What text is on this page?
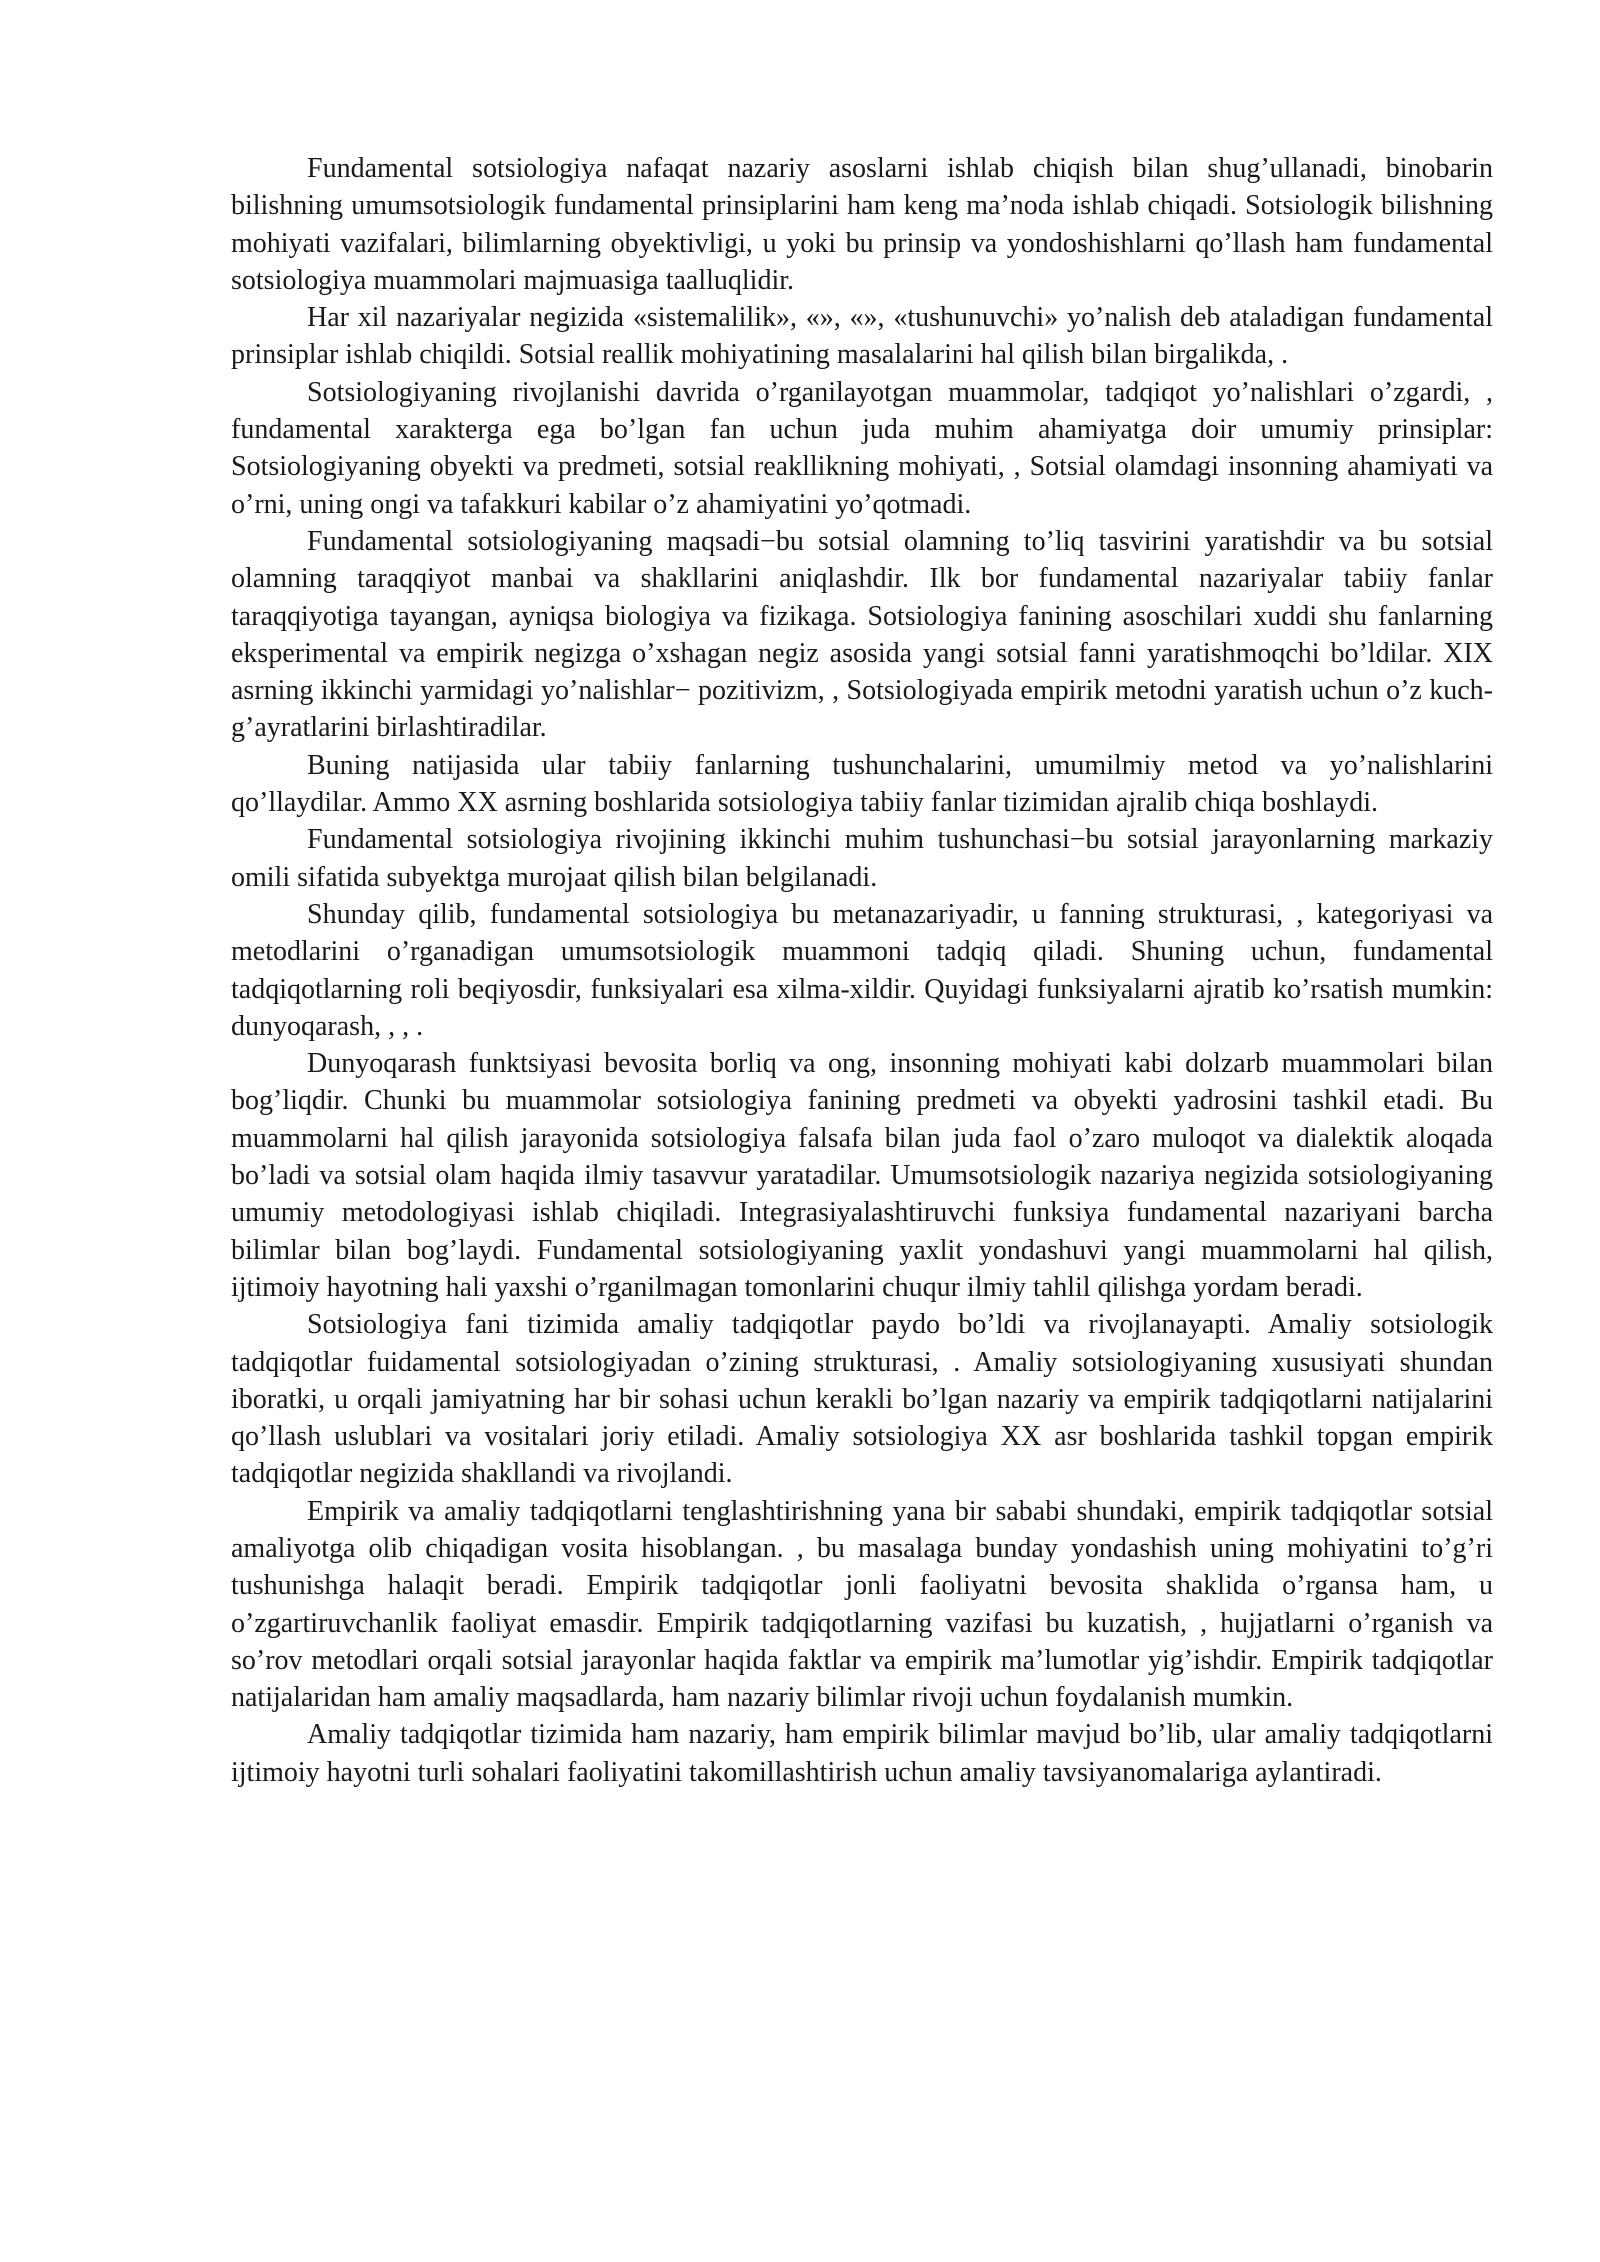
Fundamental sotsiologiya nafaqat nazariy asoslarni ishlab chiqish bilan shug’ullanadi, binobarin bilishning umumsotsiologik fundamental prinsiplarini ham keng ma’noda ishlab chiqadi. Sotsiologik bilishning mohiyati vazifalari, bilimlarning obyektivligi, u yoki bu prinsip va yondoshishlarni qo’llash ham fundamental sotsiologiya muammolari majmuasiga taalluqlidir.

Har xil nazariyalar negizida «sistemalilik», «», «», «tushunuvchi» yo’nalish deb ataladigan fundamental prinsiplar ishlab chiqildi. Sotsial reallik mohiyatining masalalarini hal qilish bilan birgalikda, .

Sotsiologiyaning rivojlanishi davrida o’rganilayotgan muammolar, tadqiqot yo’nalishlari o’zgardi, , fundamental xarakterga ega bo’lgan fan uchun juda muhim ahamiyatga doir umumiy prinsiplar: Sotsiologiyaning obyekti va predmeti, sotsial reakllikning mohiyati, , Sotsial olamdagi insonning ahamiyati va o’rni, uning ongi va tafakkuri kabilar o’z ahamiyatini yo’qotmadi.

Fundamental sotsiologiyaning maqsadi−bu sotsial olamning to’liq tasvirini yaratishdir va bu sotsial olamning taraqqiyot manbai va shakllarini aniqlashdir. Ilk bor fundamental nazariyalar tabiiy fanlar taraqqiyotiga tayangan, ayniqsa biologiya va fizikaga. Sotsiologiya fanining asoschilari xuddi shu fanlarning eksperimental va empirik negizga o’xshagan negiz asosida yangi sotsial fanni yaratishmoqchi bo’ldilar. XIX asrning ikkinchi yarmidagi yo’nalishlar− pozitivizm, , Sotsiologiyada empirik metodni yaratish uchun o’z kuch-g’ayratlarini birlashtiradilar.

Buning natijasida ular tabiiy fanlarning tushunchalarini, umumilmiy metod va yo’nalishlarini qo’llaydilar. Ammo XX asrning boshlarida sotsiologiya tabiiy fanlar tizimidan ajralib chiqa boshlaydi.

Fundamental sotsiologiya rivojining ikkinchi muhim tushunchasi−bu sotsial jarayonlarning markaziy omili sifatida subyektga murojaat qilish bilan belgilanadi.

Shunday qilib, fundamental sotsiologiya bu metanazariyadir, u fanning strukturasi, , kategoriyasi va metodlarini o’rganadigan umumsotsiologik muammoni tadqiq qiladi. Shuning uchun, fundamental tadqiqotlarning roli beqiyosdir, funksiyalari esa xilma-xildir. Quyidagi funksiyalarni ajratib ko’rsatish mumkin: dunyoqarash, , , .

Dunyoqarash funktsiyasi bevosita borliq va ong, insonning mohiyati kabi dolzarb muammolari bilan bog’liqdir. Chunki bu muammolar sotsiologiya fanining predmeti va obyekti yadrosini tashkil etadi. Bu muammolarni hal qilish jarayonida sotsiologiya falsafa bilan juda faol o’zaro muloqot va dialektik aloqada bo’ladi va sotsial olam haqida ilmiy tasavvur yaratadilar. Umumsotsiologik nazariya negizida sotsiologiyaning umumiy metodologiyasi ishlab chiqiladi. Integrasiyalashtiruvchi funksiya fundamental nazariyani barcha bilimlar bilan bog’laydi. Fundamental sotsiologiyaning yaxlit yondashuvi yangi muammolarni hal qilish, ijtimoiy hayotning hali yaxshi o’rganilmagan tomonlarini chuqur ilmiy tahlil qilishga yordam beradi.

Sotsiologiya fani tizimida amaliy tadqiqotlar paydo bo’ldi va rivojlanayapti. Amaliy sotsiologik tadqiqotlar fuidamental sotsiologiyadan o’zining strukturasi, . Amaliy sotsiologiyaning xususiyati shundan iboratki, u orqali jamiyatning har bir sohasi uchun kerakli bo’lgan nazariy va empirik tadqiqotlarni natijalarini qo’llash uslublari va vositalari joriy etiladi. Amaliy sotsiologiya XX asr boshlarida tashkil topgan empirik tadqiqotlar negizida shakllandi va rivojlandi.

Empirik va amaliy tadqiqotlarni tenglashtirishning yana bir sababi shundaki, empirik tadqiqotlar sotsial amaliyotga olib chiqadigan vosita hisoblangan. , bu masalaga bunday yondashish uning mohiyatini to’g’ri tushunishga halaqit beradi. Empirik tadqiqotlar jonli faoliyatni bevosita shaklida o’rgansa ham, u o’zgartiruvchanlik faoliyat emasdir. Empirik tadqiqotlarning vazifasi bu kuzatish, , hujjatlarni o’rganish va so’rov metodlari orqali sotsial jarayonlar haqida faktlar va empirik ma’lumotlar yig’ishdir. Empirik tadqiqotlar natijalaridan ham amaliy maqsadlarda, ham nazariy bilimlar rivoji uchun foydalanish mumkin.

Amaliy tadqiqotlar tizimida ham nazariy, ham empirik bilimlar mavjud bo’lib, ular amaliy tadqiqotlarni ijtimoiy hayotni turli sohalari faoliyatini takomillashtirish uchun amaliy tavsiyanomalariga aylantiradi.
